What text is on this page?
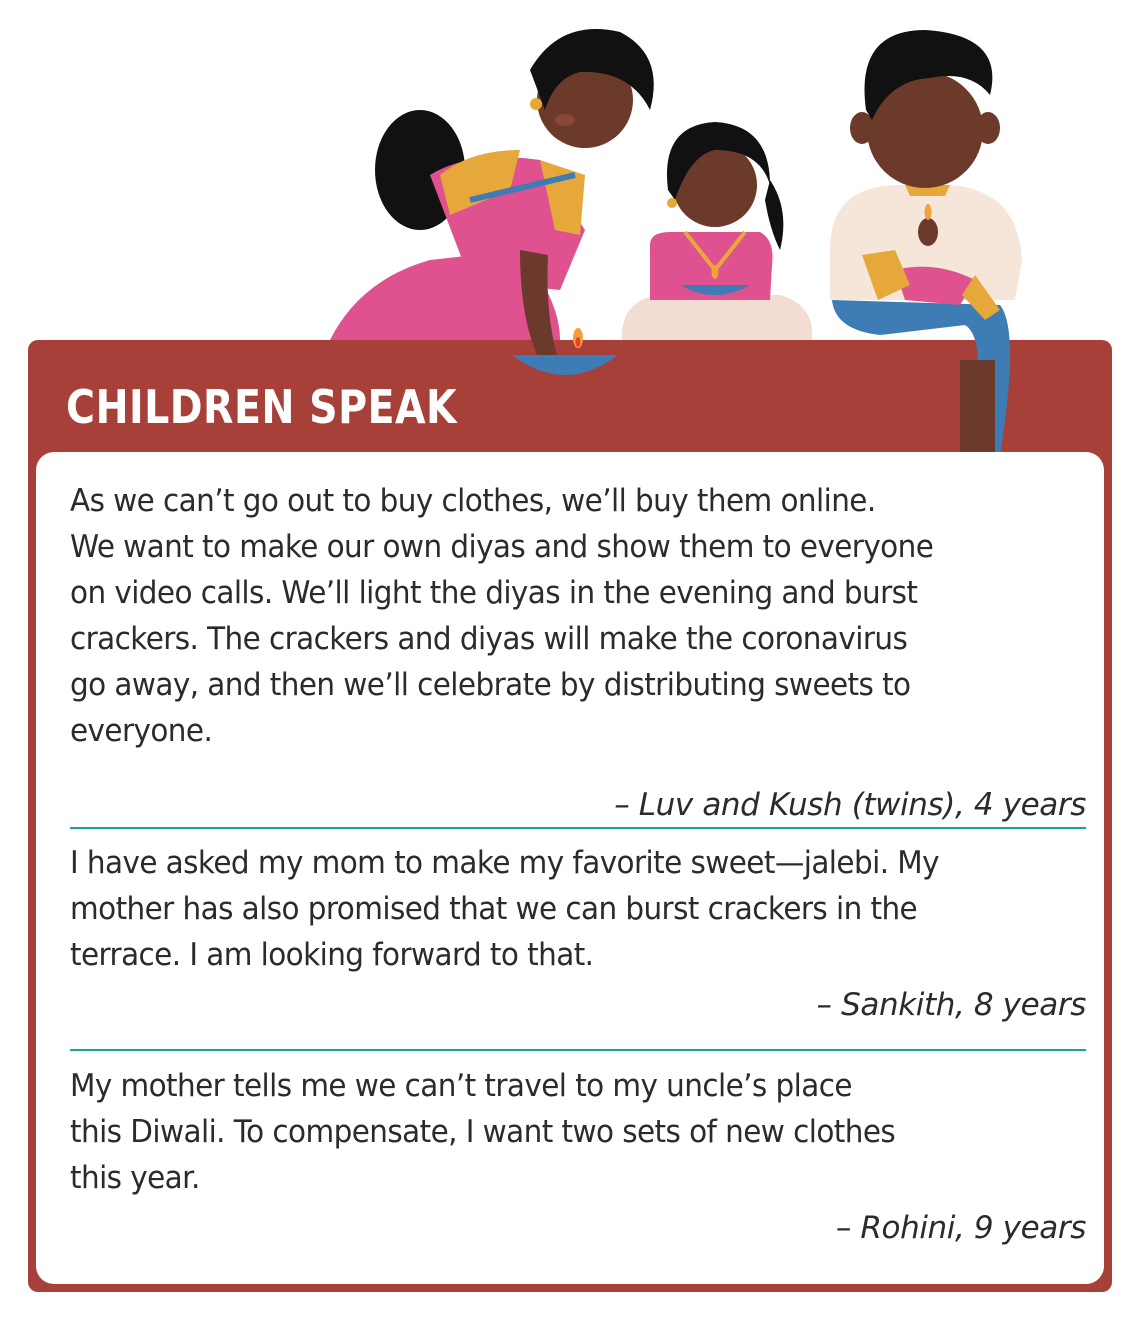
CHILDREN SPEAK

As we can’t go out to buy clothes, we’ll buy them online.
We want to make our own diyas and show them to everyone
on video calls. We’ll light the diyas in the evening and burst
crackers. The crackers and diyas will make the coronavirus
go away, and then we’ll celebrate by distributing sweets to
everyone.

– Luv and Kush (twins), 4 years

I have asked my mom to make my favorite sweet—jalebi. My
mother has also promised that we can burst crackers in the
terrace. I am looking forward to that.

– Sankith, 8 years

My mother tells me we can’t travel to my uncle’s place
this Diwali. To compensate, I want two sets of new clothes
this year.

– Rohini, 9 years
